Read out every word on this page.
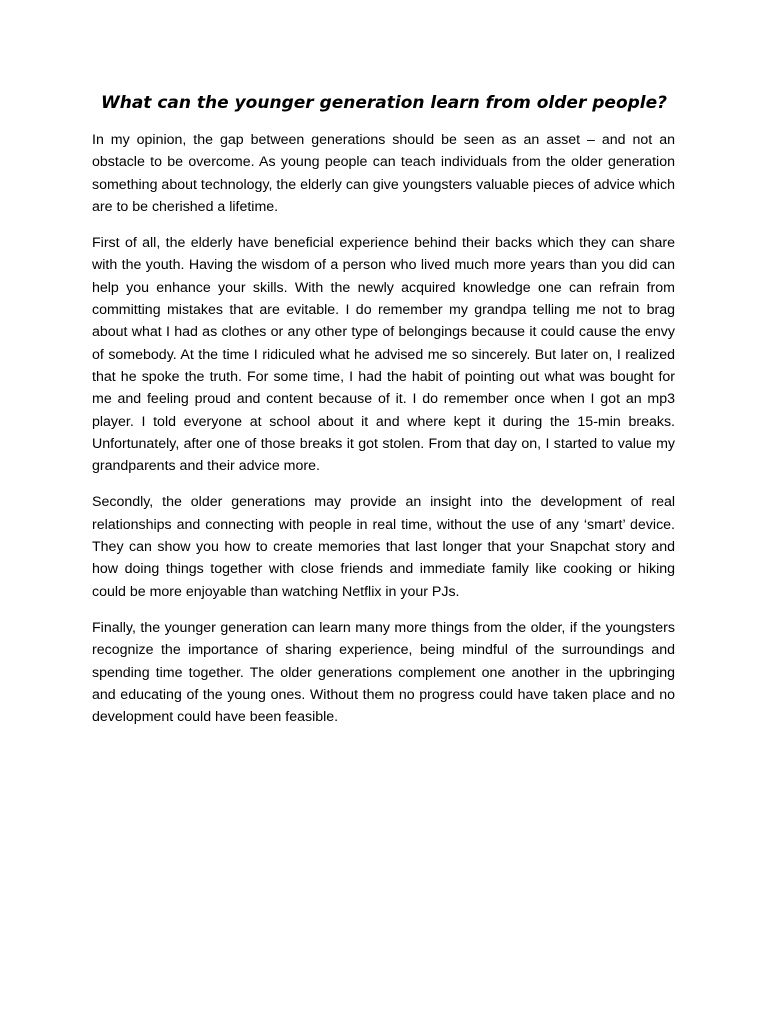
What can the younger generation learn from older people?

In my opinion, the gap between generations should be seen as an asset – and not an obstacle to be overcome. As young people can teach individuals from the older generation something about technology, the elderly can give youngsters valuable pieces of advice which are to be cherished a lifetime.

First of all, the elderly have beneficial experience behind their backs which they can share with the youth. Having the wisdom of a person who lived much more years than you did can help you enhance your skills. With the newly acquired knowledge one can refrain from committing mistakes that are evitable. I do remember my grandpa telling me not to brag about what I had as clothes or any other type of belongings because it could cause the envy of somebody. At the time I ridiculed what he advised me so sincerely. But later on, I realized that he spoke the truth. For some time, I had the habit of pointing out what was bought for me and feeling proud and content because of it. I do remember once when I got an mp3 player. I told everyone at school about it and where kept it during the 15-min breaks. Unfortunately, after one of those breaks it got stolen. From that day on, I started to value my grandparents and their advice more.

Secondly, the older generations may provide an insight into the development of real relationships and connecting with people in real time, without the use of any ‘smart’ device. They can show you how to create memories that last longer that your Snapchat story and how doing things together with close friends and immediate family like cooking or hiking could be more enjoyable than watching Netflix in your PJs.

Finally, the younger generation can learn many more things from the older, if the youngsters recognize the importance of sharing experience, being mindful of the surroundings and spending time together. The older generations complement one another in the upbringing and educating of the young ones. Without them no progress could have taken place and no development could have been feasible.
